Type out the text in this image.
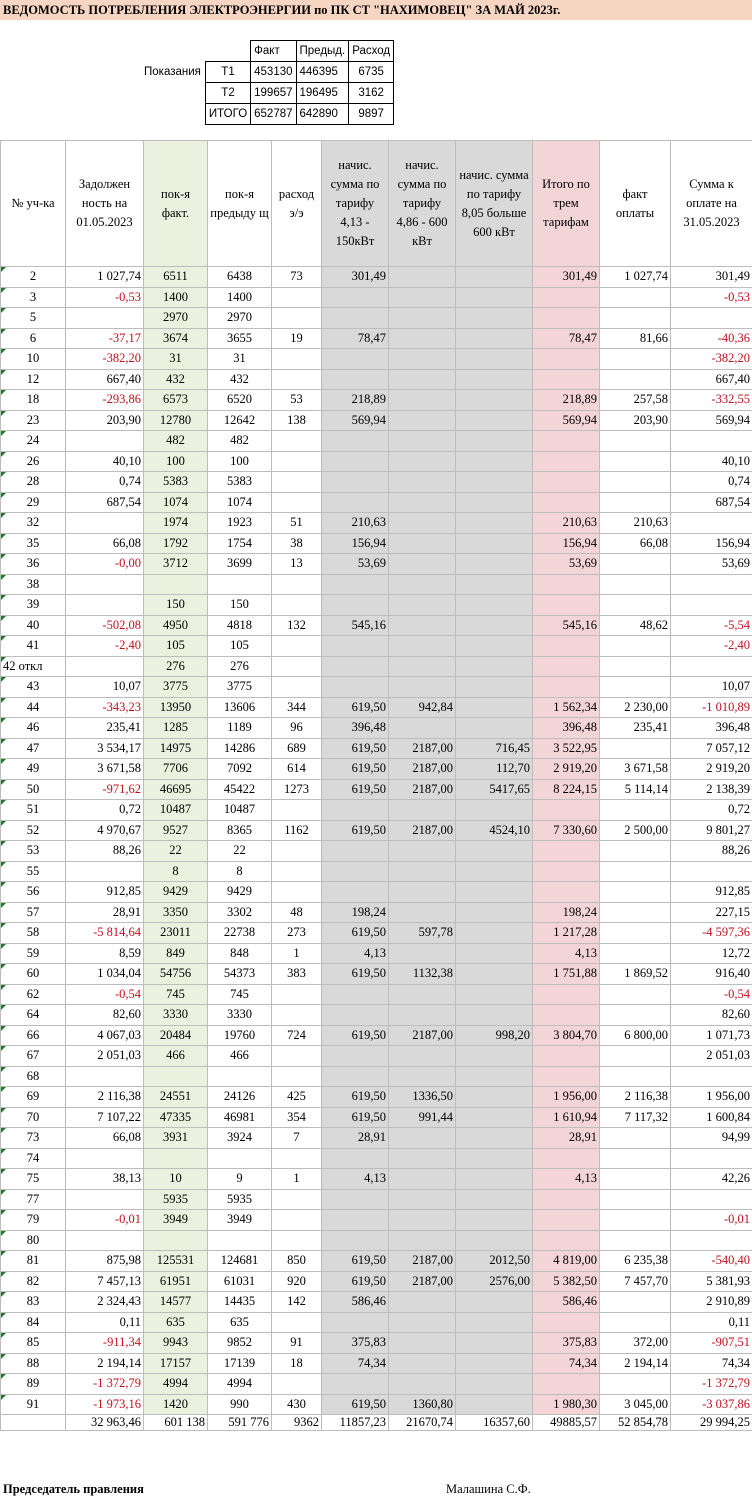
ВЕДОМОСТЬ ПОТРЕБЛЕНИЯ ЭЛЕКТРОЭНЕРГИИ по ПК СТ "НАХИМОВЕЦ" ЗА МАЙ 2023г.
		Факт	Предыд.	Расход
Показания	Т1	453130	446395	6735
	Т2	199657	196495	3162
	ИТОГО	652787	642890	9897
№ уч-ка	Задолжен ность на 01.05.2023	пок-я факт.	пок-я предыду щ	расход э/э	начис. сумма по тарифу 4,13 - 150кВт	начис. сумма по тарифу 4,86 - 600 кВт	начис. сумма по тарифу 8,05 больше 600 кВт	Итого по трем тарифам	факт оплаты	Сумма к оплате на 31.05.2023
2	1 027,74	6511	6438	73	301,49			301,49	1 027,74	301,49
3	-0,53	1400	1400							-0,53
5		2970	2970							
6	-37,17	3674	3655	19	78,47			78,47	81,66	-40,36
10	-382,20	31	31							-382,20
12	667,40	432	432							667,40
18	-293,86	6573	6520	53	218,89			218,89	257,58	-332,55
23	203,90	12780	12642	138	569,94			569,94	203,90	569,94
24		482	482							
26	40,10	100	100							40,10
28	0,74	5383	5383							0,74
29	687,54	1074	1074							687,54
32		1974	1923	51	210,63			210,63	210,63	
35	66,08	1792	1754	38	156,94			156,94	66,08	156,94
36	-0,00	3712	3699	13	53,69			53,69		53,69
38										
39		150	150							
40	-502,08	4950	4818	132	545,16			545,16	48,62	-5,54
41	-2,40	105	105							-2,40
42 откл		276	276							
43	10,07	3775	3775							10,07
44	-343,23	13950	13606	344	619,50	942,84		1 562,34	2 230,00	-1 010,89
46	235,41	1285	1189	96	396,48			396,48	235,41	396,48
47	3 534,17	14975	14286	689	619,50	2187,00	716,45	3 522,95		7 057,12
49	3 671,58	7706	7092	614	619,50	2187,00	112,70	2 919,20	3 671,58	2 919,20
50	-971,62	46695	45422	1273	619,50	2187,00	5417,65	8 224,15	5 114,14	2 138,39
51	0,72	10487	10487							0,72
52	4 970,67	9527	8365	1162	619,50	2187,00	4524,10	7 330,60	2 500,00	9 801,27
53	88,26	22	22							88,26
55		8	8							
56	912,85	9429	9429							912,85
57	28,91	3350	3302	48	198,24			198,24		227,15
58	-5 814,64	23011	22738	273	619,50	597,78		1 217,28		-4 597,36
59	8,59	849	848	1	4,13			4,13		12,72
60	1 034,04	54756	54373	383	619,50	1132,38		1 751,88	1 869,52	916,40
62	-0,54	745	745							-0,54
64	82,60	3330	3330							82,60
66	4 067,03	20484	19760	724	619,50	2187,00	998,20	3 804,70	6 800,00	1 071,73
67	2 051,03	466	466							2 051,03
68										
69	2 116,38	24551	24126	425	619,50	1336,50		1 956,00	2 116,38	1 956,00
70	7 107,22	47335	46981	354	619,50	991,44		1 610,94	7 117,32	1 600,84
73	66,08	3931	3924	7	28,91			28,91		94,99
74										
75	38,13	10	9	1	4,13			4,13		42,26
77		5935	5935							
79	-0,01	3949	3949							-0,01
80										
81	875,98	125531	124681	850	619,50	2187,00	2012,50	4 819,00	6 235,38	-540,40
82	7 457,13	61951	61031	920	619,50	2187,00	2576,00	5 382,50	7 457,70	5 381,93
83	2 324,43	14577	14435	142	586,46			586,46		2 910,89
84	0,11	635	635							0,11
85	-911,34	9943	9852	91	375,83			375,83	372,00	-907,51
88	2 194,14	17157	17139	18	74,34			74,34	2 194,14	74,34
89	-1 372,79	4994	4994							-1 372,79
91	-1 973,16	1420	990	430	619,50	1360,80		1 980,30	3 045,00	-3 037,86
	32 963,46	601 138	591 776	9362	11857,23	21670,74	16357,60	49885,57	52 854,78	29 994,25
Председатель правления	Малашина С.Ф.
